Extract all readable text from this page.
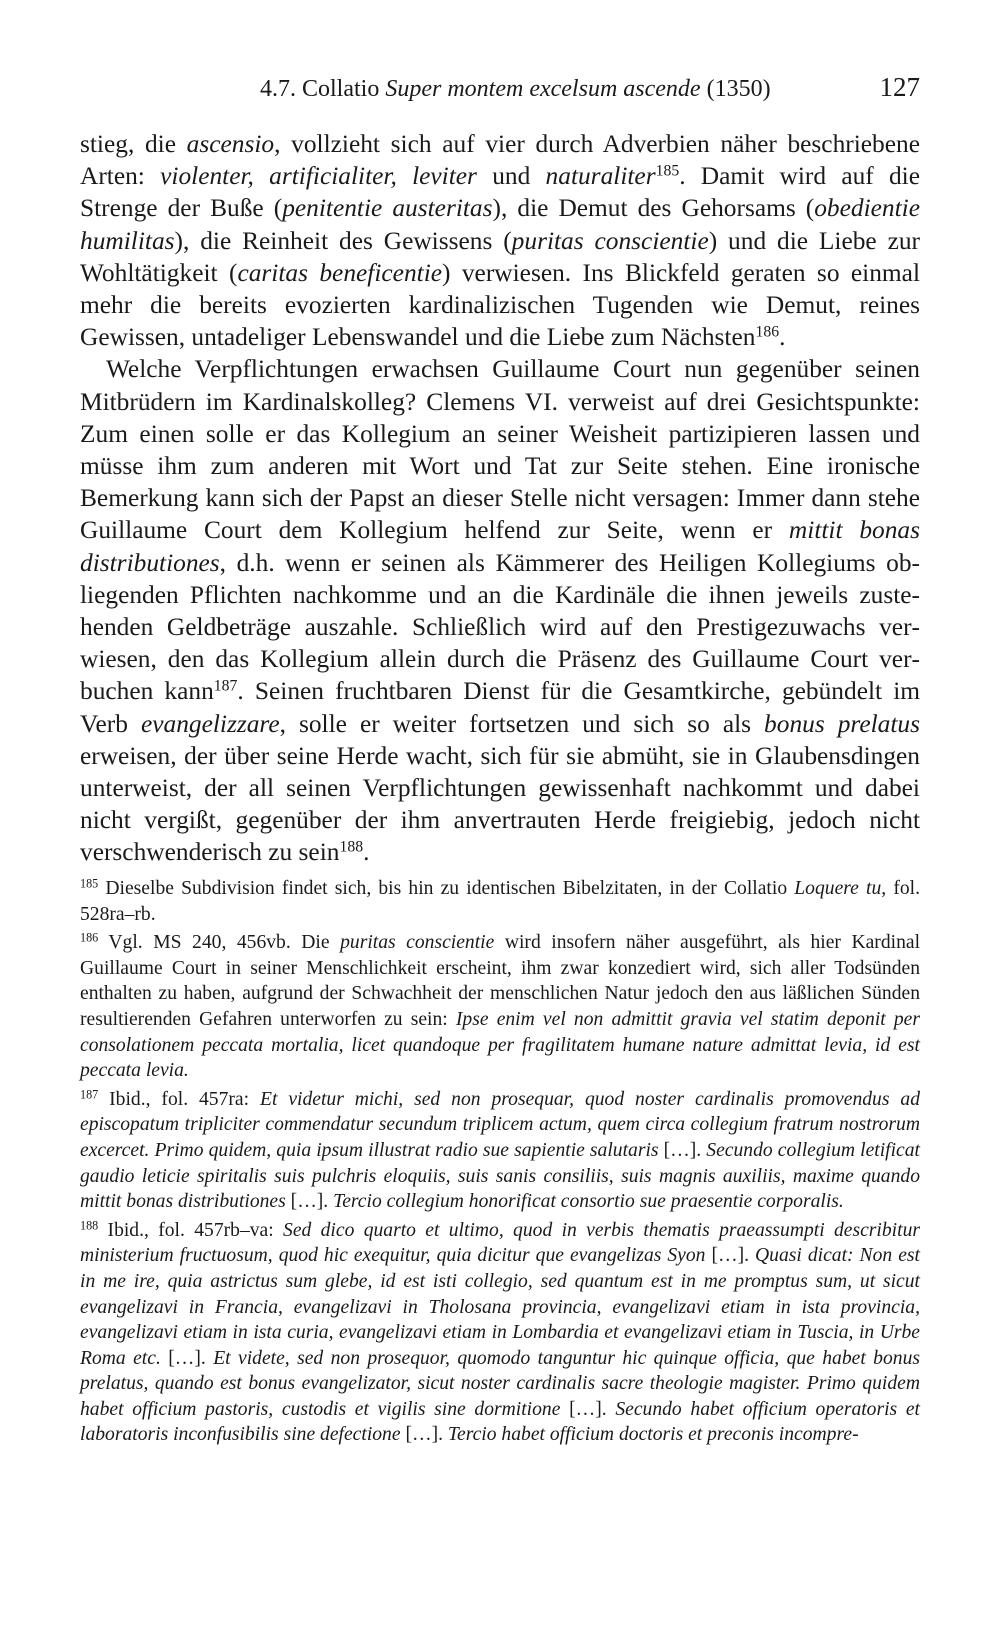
4.7. Collatio Super montem excelsum ascende (1350)	127

stieg, die ascensio, vollzieht sich auf vier durch Adverbien näher beschriebene Arten: violenter, artificialiter, leviter und naturaliter$^{185}$. Damit wird auf die Strenge der Buße (penitentie austeritas), die Demut des Gehorsams (obedientie humilitas), die Reinheit des Gewissens (puritas conscientie) und die Liebe zur Wohltätigkeit (caritas beneficentie) verwiesen. Ins Blickfeld geraten so einmal mehr die bereits evozierten kardinalizischen Tugenden wie Demut, reines Gewissen, untadeliger Lebenswandel und die Liebe zum Nächsten$^{186}$.

Welche Verpflichtungen erwachsen Guillaume Court nun gegenüber seinen Mitbrüdern im Kardinalskolleg? Clemens VI. verweist auf drei Gesichtspunkte: Zum einen solle er das Kollegium an seiner Weisheit partizipieren lassen und müsse ihm zum anderen mit Wort und Tat zur Seite stehen. Eine ironische Bemerkung kann sich der Papst an dieser Stelle nicht versagen: Immer dann stehe Guillaume Court dem Kollegium helfend zur Seite, wenn er mittit bonas distributiones, d.h. wenn er seinen als Kämmerer des Heiligen Kollegiums obliegenden Pflichten nachkomme und an die Kardinäle die ihnen jeweils zustehenden Geldbeträge auszahle. Schließlich wird auf den Prestigezuwachs verwiesen, den das Kollegium allein durch die Präsenz des Guillaume Court verbuchen kann$^{187}$. Seinen fruchtbaren Dienst für die Gesamtkirche, gebündelt im Verb evangelizzare, solle er weiter fortsetzen und sich so als bonus prelatus erweisen, der über seine Herde wacht, sich für sie abmüht, sie in Glaubensdingen unterweist, der all seinen Verpflichtungen gewissenhaft nachkommt und dabei nicht vergißt, gegenüber der ihm anvertrauten Herde freigiebig, jedoch nicht verschwenderisch zu sein$^{188}$.

$^{185}$ Dieselbe Subdivision findet sich, bis hin zu identischen Bibelzitaten, in der Collatio Loquere tu, fol. 528ra–rb.

$^{186}$ Vgl. MS 240, 456vb. Die puritas conscientie wird insofern näher ausgeführt, als hier Kardinal Guillaume Court in seiner Menschlichkeit erscheint, ihm zwar konzediert wird, sich aller Todsünden enthalten zu haben, aufgrund der Schwachheit der menschlichen Natur jedoch den aus läßlichen Sünden resultierenden Gefahren unterworfen zu sein: Ipse enim vel non admittit gravia vel statim deponit per consolationem peccata mortalia, licet quandoque per fragilitatem humane nature admittat levia, id est peccata levia.

$^{187}$ Ibid., fol. 457ra: Et videtur michi, sed non prosequar, quod noster cardinalis promovendus ad episcopatum tripliciter commendatur secundum triplicem actum, quem circa collegium fratrum nostrorum excercet. Primo quidem, quia ipsum illustrat radio sue sapientie salutaris […]. Secundo collegium letificat gaudio leticie spiritalis suis pulchris eloquiis, suis sanis consiliis, suis magnis auxiliis, maxime quando mittit bonas distributiones […]. Tercio collegium honorificat consortio sue praesentie corporalis.

$^{188}$ Ibid., fol. 457rb–va: Sed dico quarto et ultimo, quod in verbis thematis praeassumpti describitur ministerium fructuosum, quod hic exequitur, quia dicitur que evangelizas Syon […]. Quasi dicat: Non est in me ire, quia astrictus sum glebe, id est isti collegio, sed quantum est in me promptus sum, ut sicut evangelizavi in Francia, evangelizavi in Tholosana provincia, evangelizavi etiam in ista provincia, evangelizavi etiam in ista curia, evangelizavi etiam in Lombardia et evangelizavi etiam in Tuscia, in Urbe Roma etc. […]. Et videte, sed non prosequor, quomodo tanguntur hic quinque officia, que habet bonus prelatus, quando est bonus evangelizator, sicut noster cardinalis sacre theologie magister. Primo quidem habet officium pastoris, custodis et vigilis sine dormitione […]. Secundo habet officium operatoris et laboratoris inconfusibilis sine defectione […]. Tercio habet officium doctoris et preconis incompre-
